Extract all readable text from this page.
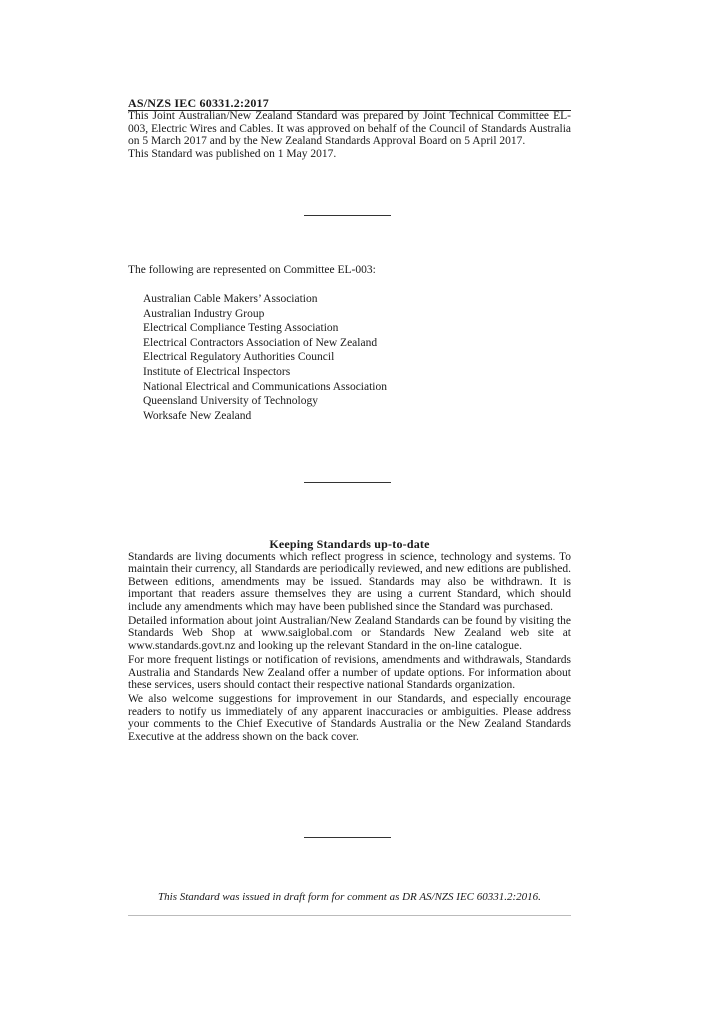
AS/NZS IEC 60331.2:2017

This Joint Australian/New Zealand Standard was prepared by Joint Technical Committee EL-003, Electric Wires and Cables. It was approved on behalf of the Council of Standards Australia on 5 March 2017 and by the New Zealand Standards Approval Board on 5 April 2017.

This Standard was published on 1 May 2017.

The following are represented on Committee EL-003:
Australian Cable Makers’ Association
Australian Industry Group
Electrical Compliance Testing Association
Electrical Contractors Association of New Zealand
Electrical Regulatory Authorities Council
Institute of Electrical Inspectors
National Electrical and Communications Association
Queensland University of Technology
Worksafe New Zealand
Keeping Standards up-to-date

Standards are living documents which reflect progress in science, technology and systems. To maintain their currency, all Standards are periodically reviewed, and new editions are published. Between editions, amendments may be issued. Standards may also be withdrawn. It is important that readers assure themselves they are using a current Standard, which should include any amendments which may have been published since the Standard was purchased.

Detailed information about joint Australian/New Zealand Standards can be found by visiting the Standards Web Shop at www.saiglobal.com or Standards New Zealand web site at www.standards.govt.nz and looking up the relevant Standard in the on-line catalogue.

For more frequent listings or notification of revisions, amendments and withdrawals, Standards Australia and Standards New Zealand offer a number of update options. For information about these services, users should contact their respective national Standards organization.

We also welcome suggestions for improvement in our Standards, and especially encourage readers to notify us immediately of any apparent inaccuracies or ambiguities. Please address your comments to the Chief Executive of Standards Australia or the New Zealand Standards Executive at the address shown on the back cover.

This Standard was issued in draft form for comment as DR AS/NZS IEC 60331.2:2016.
